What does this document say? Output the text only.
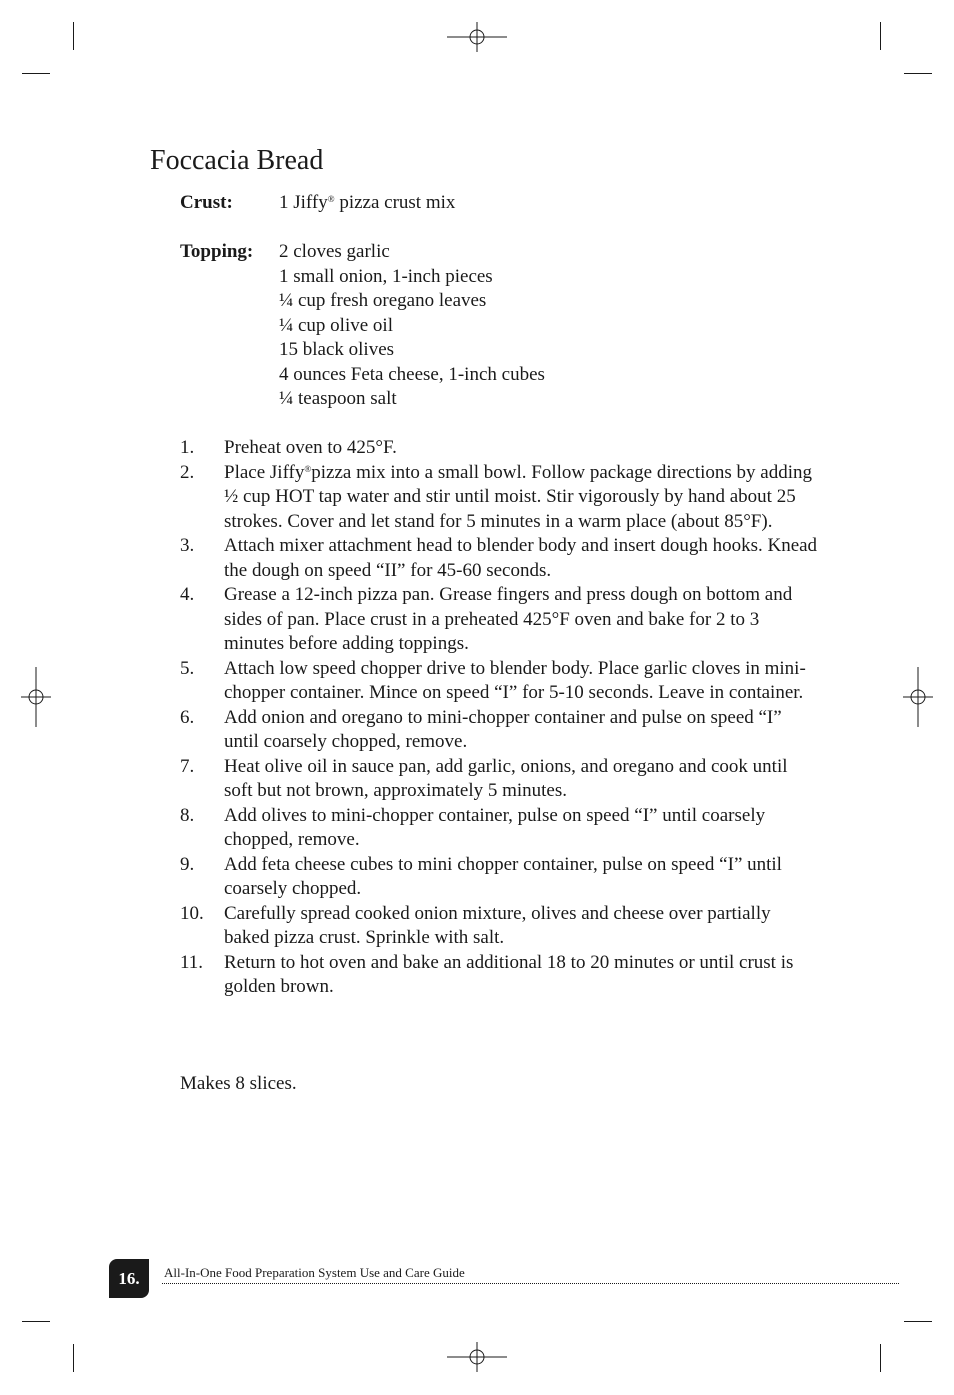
Foccacia Bread
Crust: 1 Jiffy® pizza crust mix
Topping: 2 cloves garlic
1 small onion, 1-inch pieces
¼ cup fresh oregano leaves
¼ cup olive oil
15 black olives
4 ounces Feta cheese, 1-inch cubes
¼ teaspoon salt
1. Preheat oven to 425°F.
2. Place Jiffy®pizza mix into a small bowl. Follow package directions by adding ½ cup HOT tap water and stir until moist. Stir vigorously by hand about 25 strokes. Cover and let stand for 5 minutes in a warm place (about 85°F).
3. Attach mixer attachment head to blender body and insert dough hooks. Knead the dough on speed “II” for 45-60 seconds.
4. Grease a 12-inch pizza pan. Grease fingers and press dough on bottom and sides of pan. Place crust in a preheated 425°F oven and bake for 2 to 3 minutes before adding toppings.
5. Attach low speed chopper drive to blender body. Place garlic cloves in mini-chopper container. Mince on speed “I” for 5-10 seconds. Leave in container.
6. Add onion and oregano to mini-chopper container and pulse on speed “I” until coarsely chopped, remove.
7. Heat olive oil in sauce pan, add garlic, onions, and oregano and cook until soft but not brown, approximately 5 minutes.
8. Add olives to mini-chopper container, pulse on speed “I” until coarsely chopped, remove.
9. Add feta cheese cubes to mini chopper container, pulse on speed “I” until coarsely chopped.
10. Carefully spread cooked onion mixture, olives and cheese over partially baked pizza crust. Sprinkle with salt.
11. Return to hot oven and bake an additional 18 to 20 minutes or until crust is golden brown.
Makes 8 slices.
16.	All-In-One Food Preparation System Use and Care Guide
